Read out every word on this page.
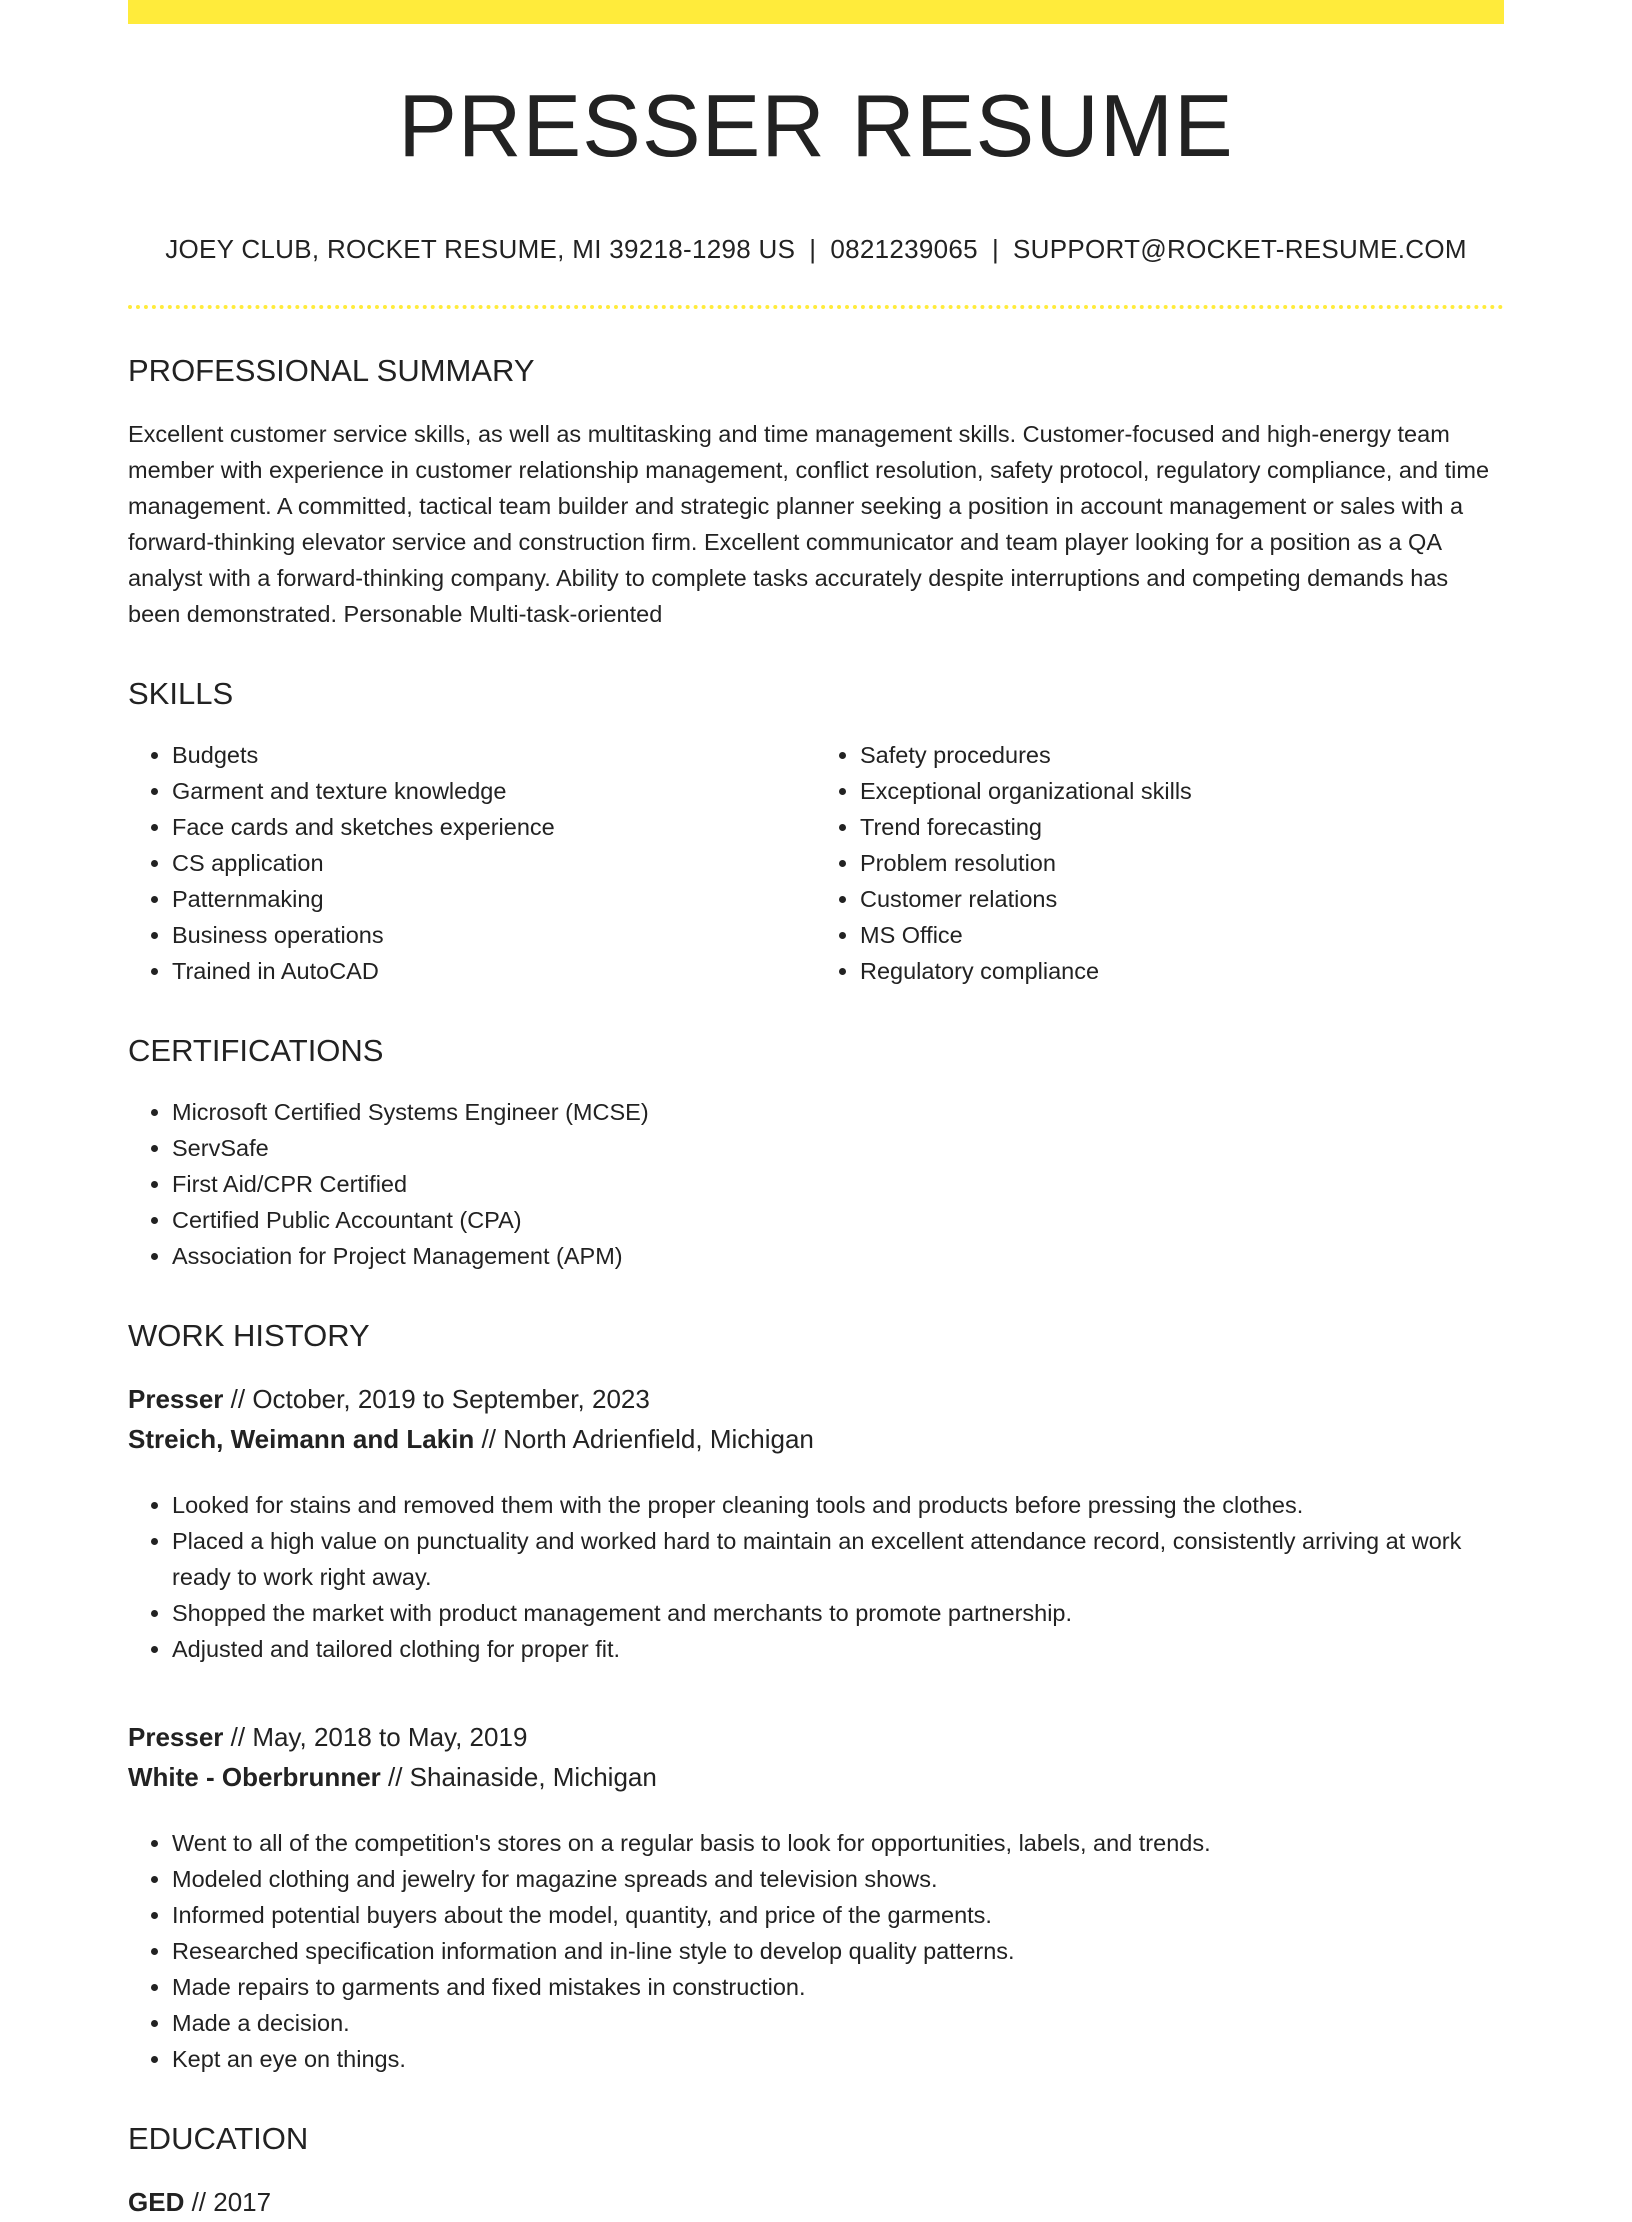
PRESSER RESUME
JOEY CLUB, ROCKET RESUME, MI 39218-1298 US | 0821239065 | SUPPORT@ROCKET-RESUME.COM
PROFESSIONAL SUMMARY

Excellent customer service skills, as well as multitasking and time management skills. Customer-focused and high-energy team member with experience in customer relationship management, conflict resolution, safety protocol, regulatory compliance, and time management. A committed, tactical team builder and strategic planner seeking a position in account management or sales with a forward-thinking elevator service and construction firm. Excellent communicator and team player looking for a position as a QA analyst with a forward-thinking company. Ability to complete tasks accurately despite interruptions and competing demands has been demonstrated. Personable Multi-task-oriented

SKILLS
• Budgets
• Garment and texture knowledge
• Face cards and sketches experience
• CS application
• Patternmaking
• Business operations
• Trained in AutoCAD
• Safety procedures
• Exceptional organizational skills
• Trend forecasting
• Problem resolution
• Customer relations
• MS Office
• Regulatory compliance
CERTIFICATIONS
• Microsoft Certified Systems Engineer (MCSE)
• ServSafe
• First Aid/CPR Certified
• Certified Public Accountant (CPA)
• Association for Project Management (APM)
WORK HISTORY
Presser // October, 2019 to September, 2023
Streich, Weimann and Lakin // North Adrienfield, Michigan
• Looked for stains and removed them with the proper cleaning tools and products before pressing the clothes.
• Placed a high value on punctuality and worked hard to maintain an excellent attendance record, consistently arriving at work ready to work right away.
• Shopped the market with product management and merchants to promote partnership.
• Adjusted and tailored clothing for proper fit.
Presser // May, 2018 to May, 2019
White - Oberbrunner // Shainaside, Michigan
• Went to all of the competition's stores on a regular basis to look for opportunities, labels, and trends.
• Modeled clothing and jewelry for magazine spreads and television shows.
• Informed potential buyers about the model, quantity, and price of the garments.
• Researched specification information and in-line style to develop quality patterns.
• Made repairs to garments and fixed mistakes in construction.
• Made a decision.
• Kept an eye on things.
EDUCATION
GED // 2017
